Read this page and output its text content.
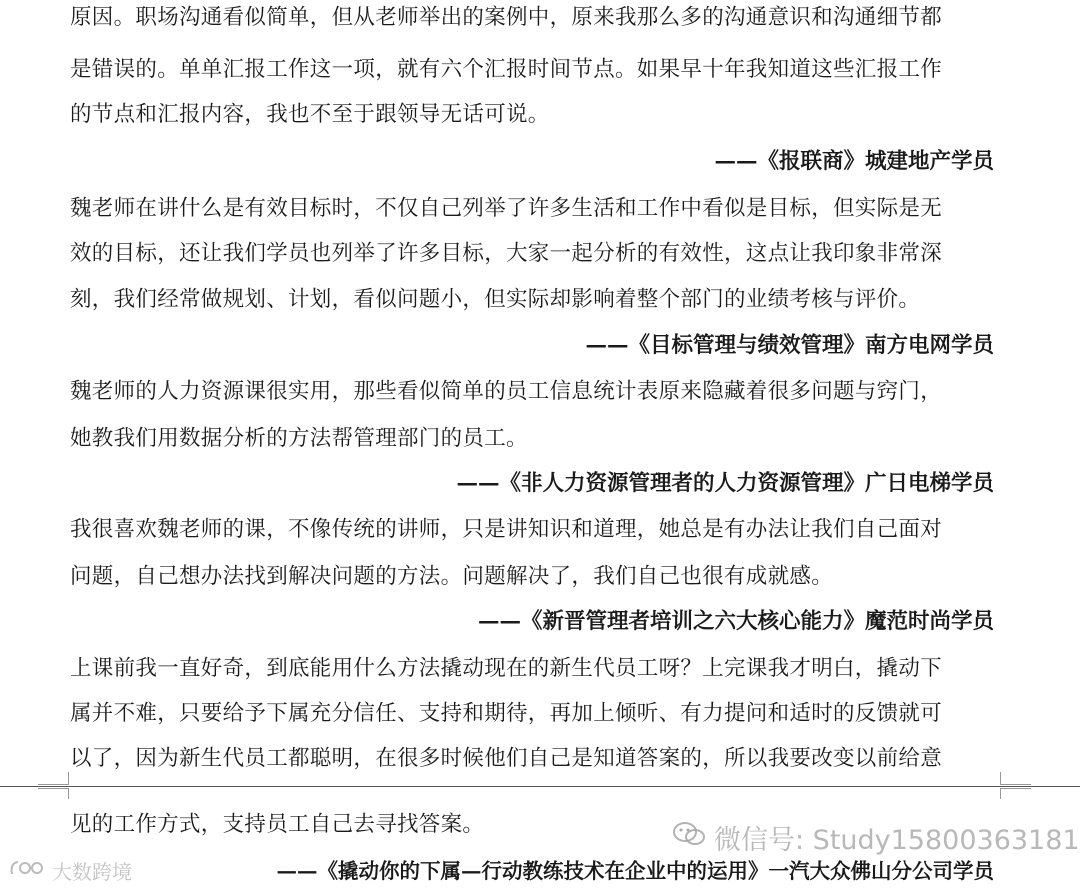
原因。职场沟通看似简单，但从老师举出的案例中，原来我那么多的沟通意识和沟通细节都
是错误的。单单汇报工作这一项，就有六个汇报时间节点。如果早十年我知道这些汇报工作
的节点和汇报内容，我也不至于跟领导无话可说。
——《报联商》城建地产学员
魏老师在讲什么是有效目标时，不仅自己列举了许多生活和工作中看似是目标，但实际是无
效的目标，还让我们学员也列举了许多目标，大家一起分析的有效性，这点让我印象非常深
刻，我们经常做规划、计划，看似问题小，但实际却影响着整个部门的业绩考核与评价。
——《目标管理与绩效管理》南方电网学员
魏老师的人力资源课很实用，那些看似简单的员工信息统计表原来隐藏着很多问题与窍门，
她教我们用数据分析的方法帮管理部门的员工。
——《非人力资源管理者的人力资源管理》广日电梯学员
我很喜欢魏老师的课，不像传统的讲师，只是讲知识和道理，她总是有办法让我们自己面对
问题，自己想办法找到解决问题的方法。问题解决了，我们自己也很有成就感。
——《新晋管理者培训之六大核心能力》魔范时尚学员
上课前我一直好奇，到底能用什么方法撬动现在的新生代员工呀？上完课我才明白，撬动下
属并不难，只要给予下属充分信任、支持和期待，再加上倾听、有力提问和适时的反馈就可
以了，因为新生代员工都聪明，在很多时候他们自己是知道答案的，所以我要改变以前给意
见的工作方式，支持员工自己去寻找答案。
——《撬动你的下属—行动教练技术在企业中的运用》一汽大众佛山分公司学员
微信号: Study15800363181
大数跨境
